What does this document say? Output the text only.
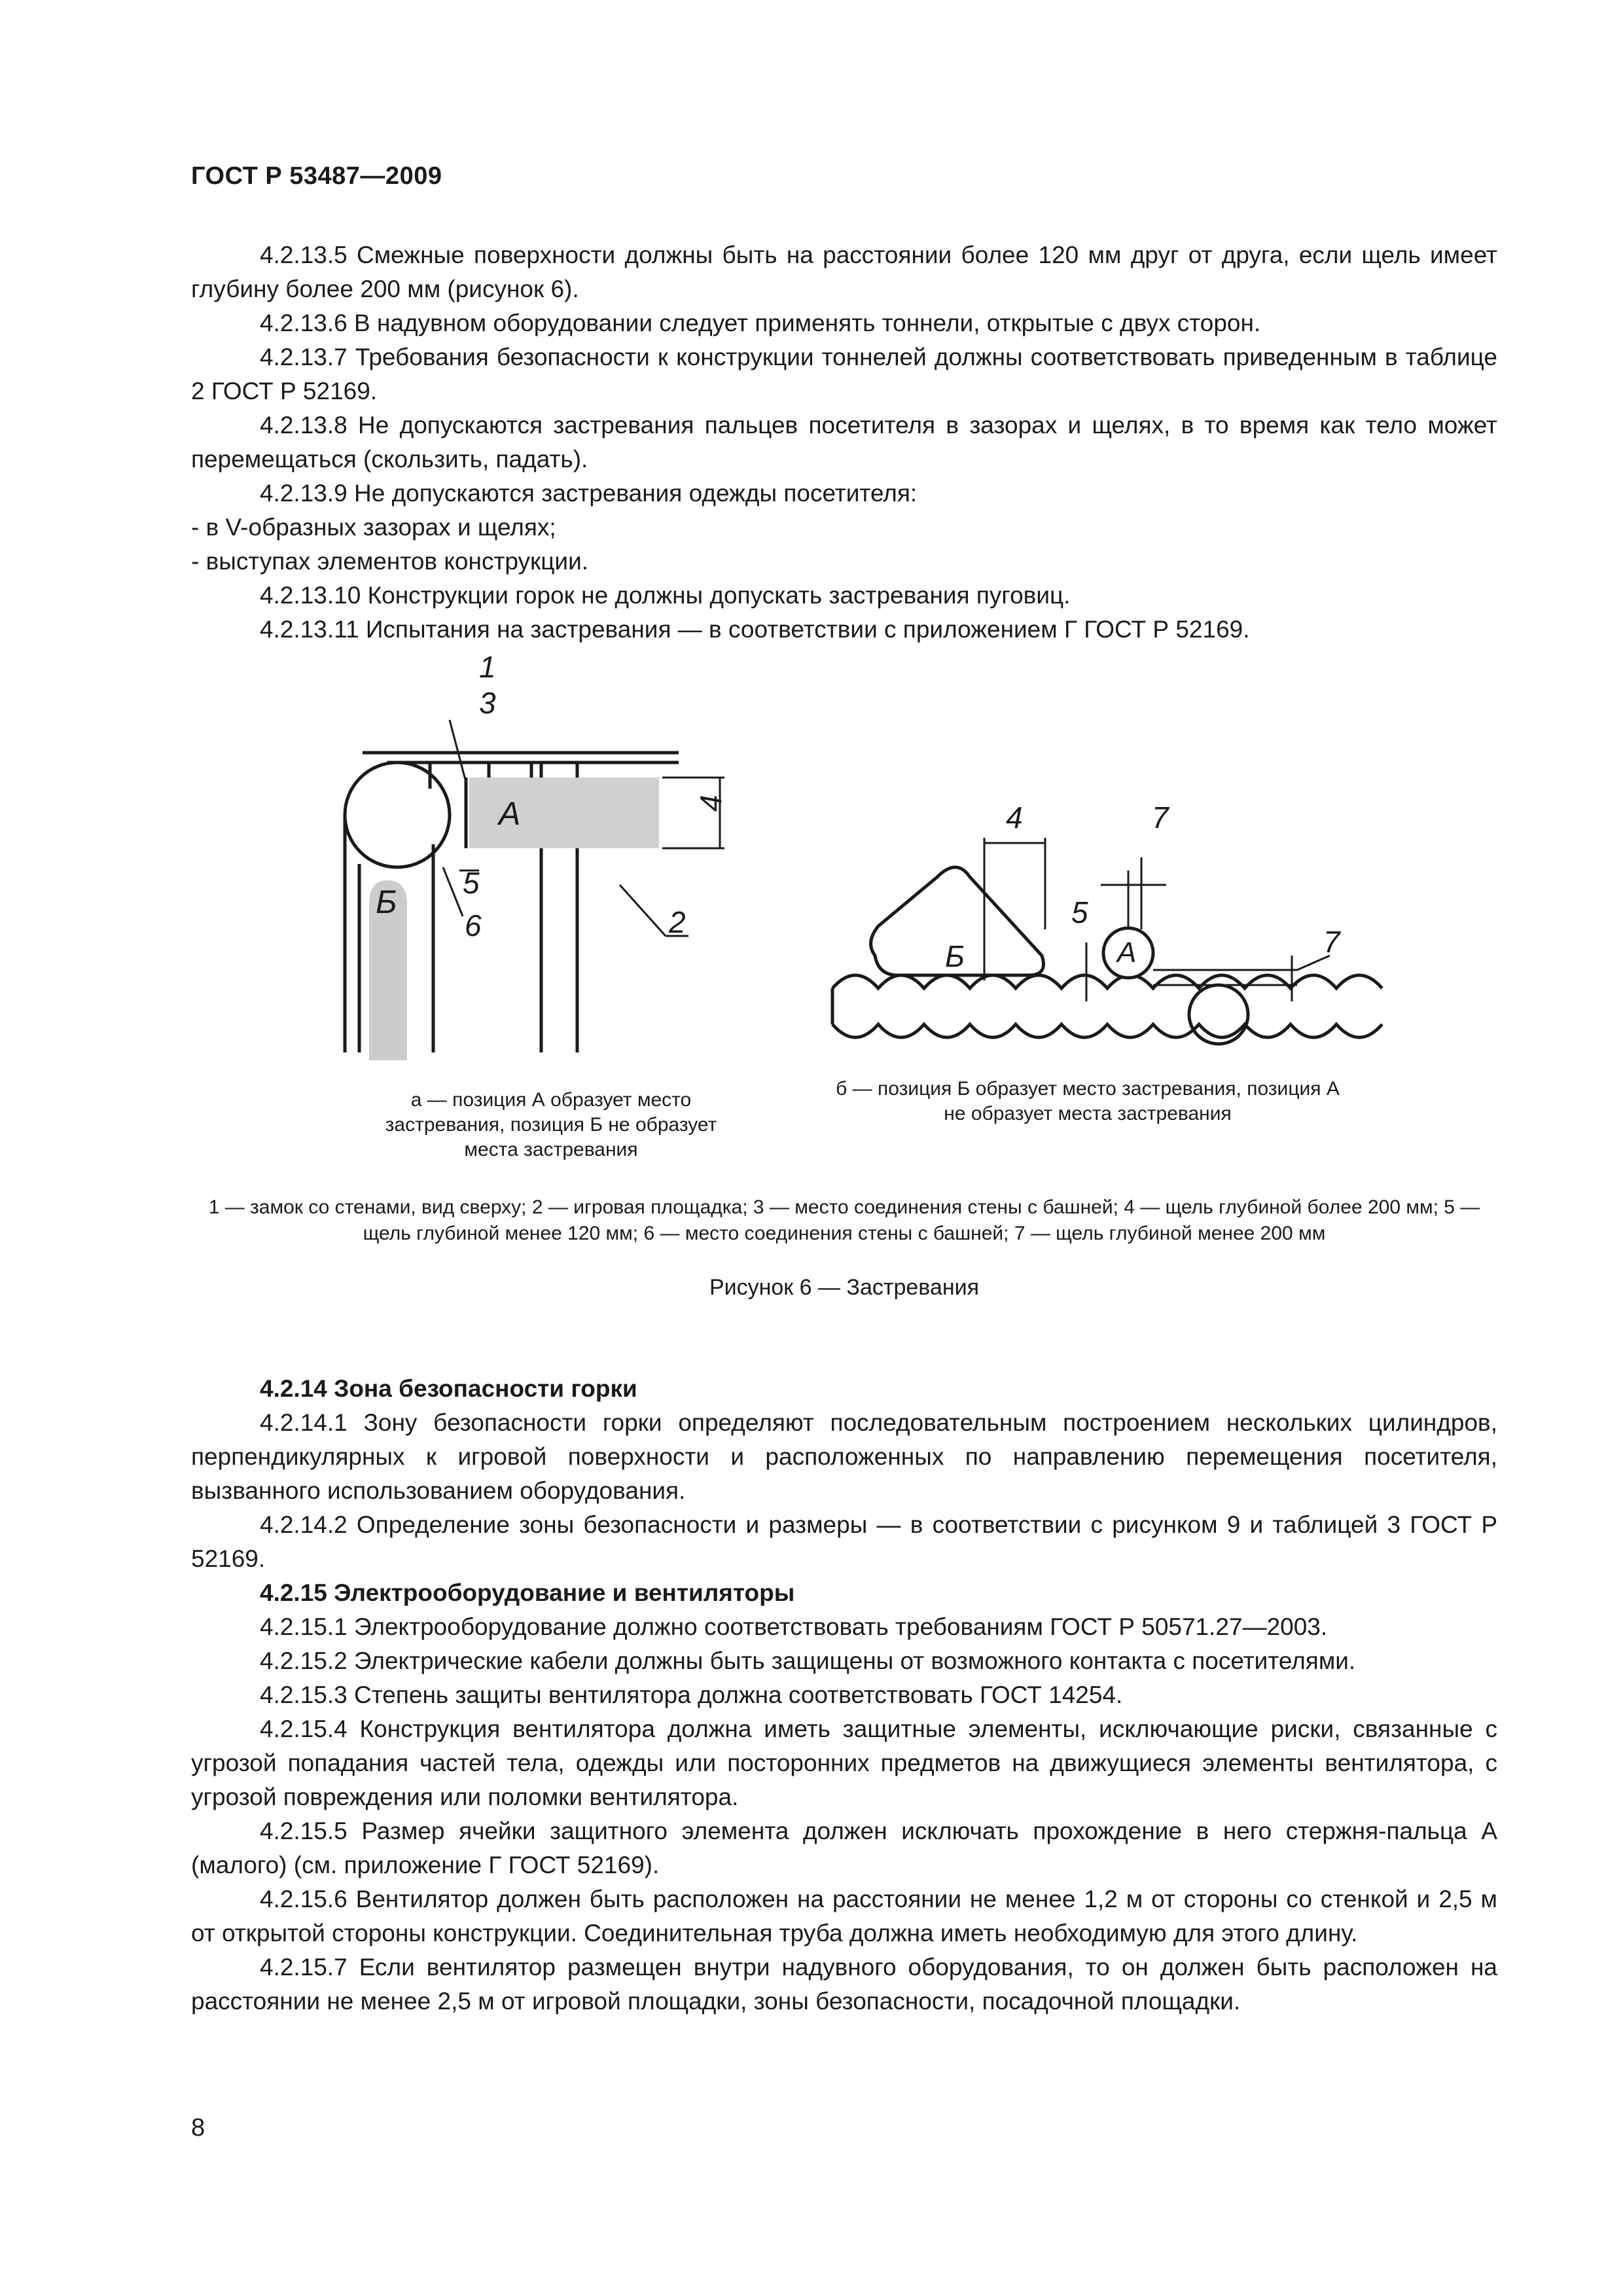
ГОСТ Р 53487—2009

4.2.13.5 Смежные поверхности должны быть на расстоянии более 120 мм друг от друга, если щель имеет глубину более 200 мм (рисунок 6).

4.2.13.6 В надувном оборудовании следует применять тоннели, открытые с двух сторон.

4.2.13.7 Требования безопасности к конструкции тоннелей должны соответствовать приведенным в таблице 2 ГОСТ Р 52169.

4.2.13.8 Не допускаются застревания пальцев посетителя в зазорах и щелях, в то время как тело может перемещаться (скользить, падать).

4.2.13.9 Не допускаются застревания одежды посетителя:

- в V-образных зазорах и щелях;

- выступах элементов конструкции.

4.2.13.10 Конструкции горок не должны допускать застревания пуговиц.

4.2.13.11 Испытания на застревания — в соответствии с приложением Г ГОСТ Р 52169.

1
3
А	4
5
Б
6	2
4	7
5
А
Б	7
а — позиция А образует место застревания, позиция Б не образует места застревания
б — позиция Б образует место застревания, позиция А не образует места застревания
1 — замок со стенами, вид сверху; 2 — игровая площадка; 3 — место соединения стены с башней; 4 — щель глубиной более 200 мм; 5 — щель глубиной менее 120 мм; 6 — место соединения стены с башней; 7 — щель глубиной менее 200 мм
Рисунок 6 — Застревания

4.2.14 Зона безопасности горки

4.2.14.1 Зону безопасности горки определяют последовательным построением нескольких цилиндров, перпендикулярных к игровой поверхности и расположенных по направлению перемещения посетителя, вызванного использованием оборудования.

4.2.14.2 Определение зоны безопасности и размеры — в соответствии с рисунком 9 и таблицей 3 ГОСТ Р 52169.

4.2.15 Электрооборудование и вентиляторы

4.2.15.1 Электрооборудование должно соответствовать требованиям ГОСТ Р 50571.27—2003.

4.2.15.2 Электрические кабели должны быть защищены от возможного контакта с посетителями.

4.2.15.3 Степень защиты вентилятора должна соответствовать ГОСТ 14254.

4.2.15.4 Конструкция вентилятора должна иметь защитные элементы, исключающие риски, связанные с угрозой попадания частей тела, одежды или посторонних предметов на движущиеся элементы вентилятора, с угрозой повреждения или поломки вентилятора.

4.2.15.5 Размер ячейки защитного элемента должен исключать прохождение в него стержня-пальца А (малого) (см. приложение Г ГОСТ 52169).

4.2.15.6 Вентилятор должен быть расположен на расстоянии не менее 1,2 м от стороны со стенкой и 2,5 м от открытой стороны конструкции. Соединительная труба должна иметь необходимую для этого длину.

4.2.15.7 Если вентилятор размещен внутри надувного оборудования, то он должен быть расположен на расстоянии не менее 2,5 м от игровой площадки, зоны безопасности, посадочной площадки.

8
